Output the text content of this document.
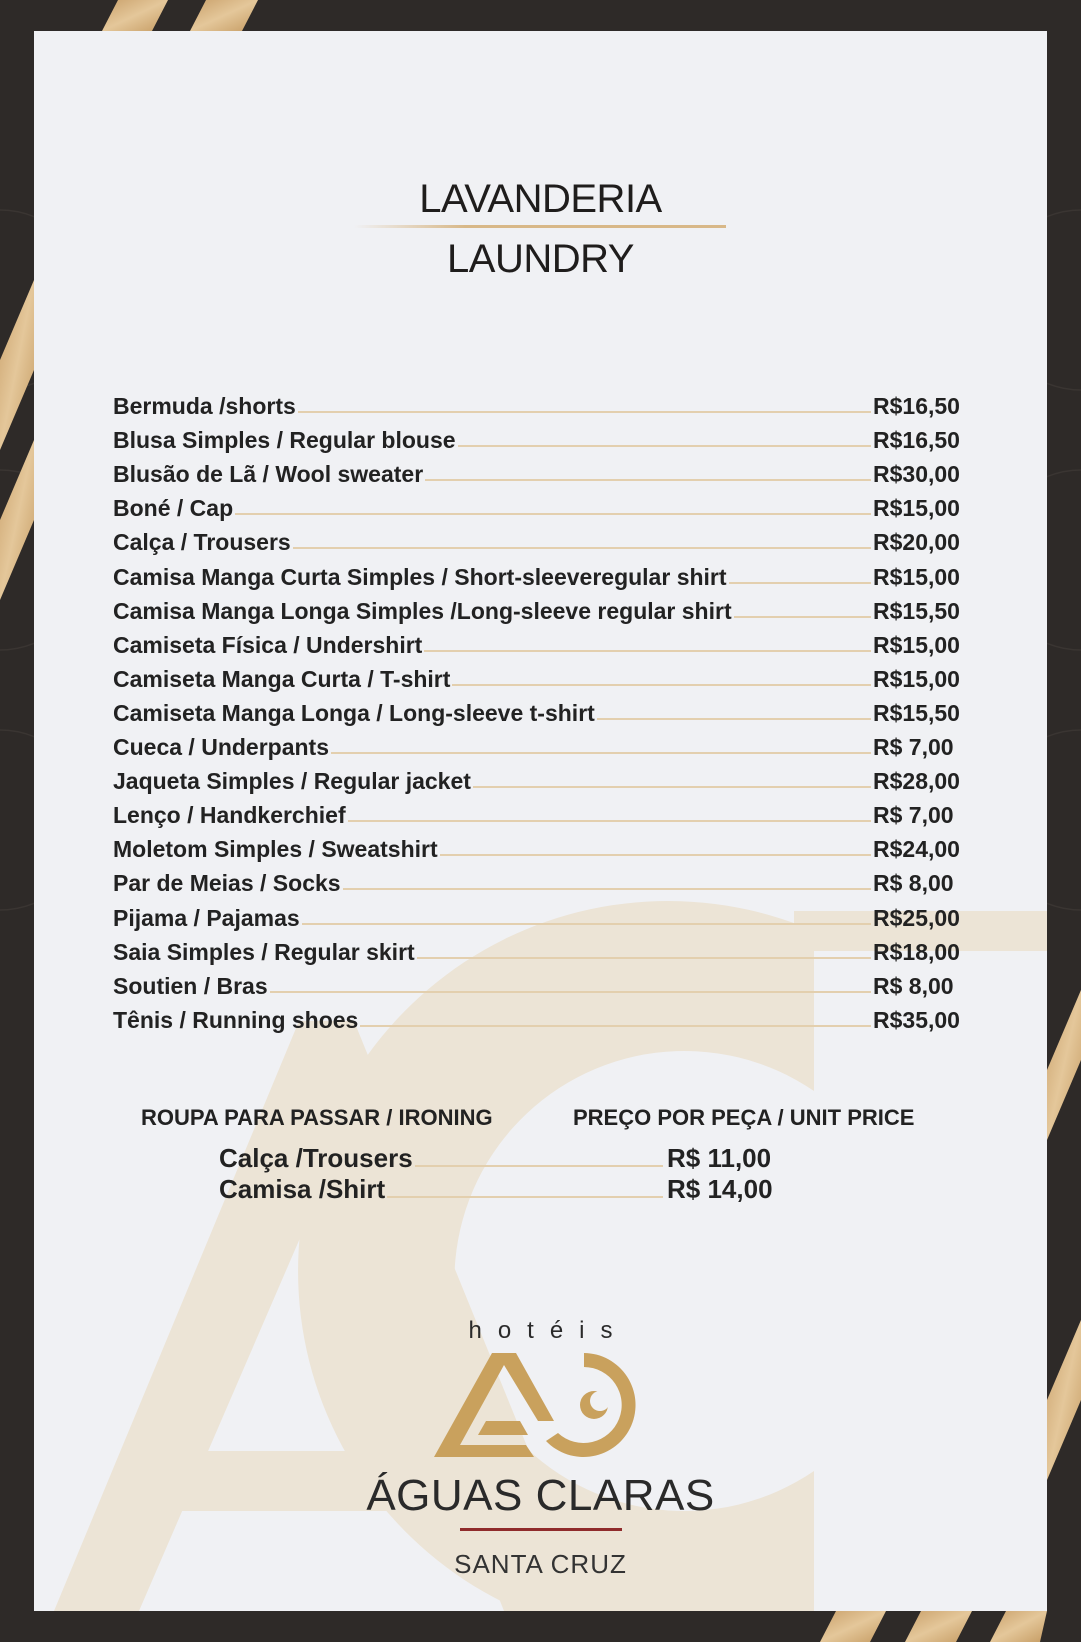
LAVANDERIA
LAUNDRY
Bermuda /shorts	R$16,50
Blusa Simples / Regular blouse	R$16,50
Blusão de Lã / Wool sweater	R$30,00
Boné / Cap	R$15,00
Calça / Trousers	R$20,00
Camisa Manga Curta Simples / Short-sleeveregular shirt	R$15,00
Camisa Manga Longa Simples /Long-sleeve regular shirt	R$15,50
Camiseta Física / Undershirt	R$15,00
Camiseta Manga Curta / T-shirt	R$15,00
Camiseta Manga Longa / Long-sleeve t-shirt	R$15,50
Cueca / Underpants	R$ 7,00
Jaqueta Simples / Regular jacket	R$28,00
Lenço / Handkerchief	R$ 7,00
Moletom Simples / Sweatshirt	R$24,00
Par de Meias / Socks	R$ 8,00
Pijama / Pajamas	R$25,00
Saia Simples / Regular skirt	R$18,00
Soutien / Bras	R$ 8,00
Tênis / Running shoes	R$35,00
ROUPA PARA PASSAR / IRONING	PREÇO POR PEÇA / UNIT PRICE
Calça /Trousers	R$ 11,00
Camisa /Shirt	R$ 14,00
hotéis
ÁGUAS CLARAS
SANTA CRUZ
